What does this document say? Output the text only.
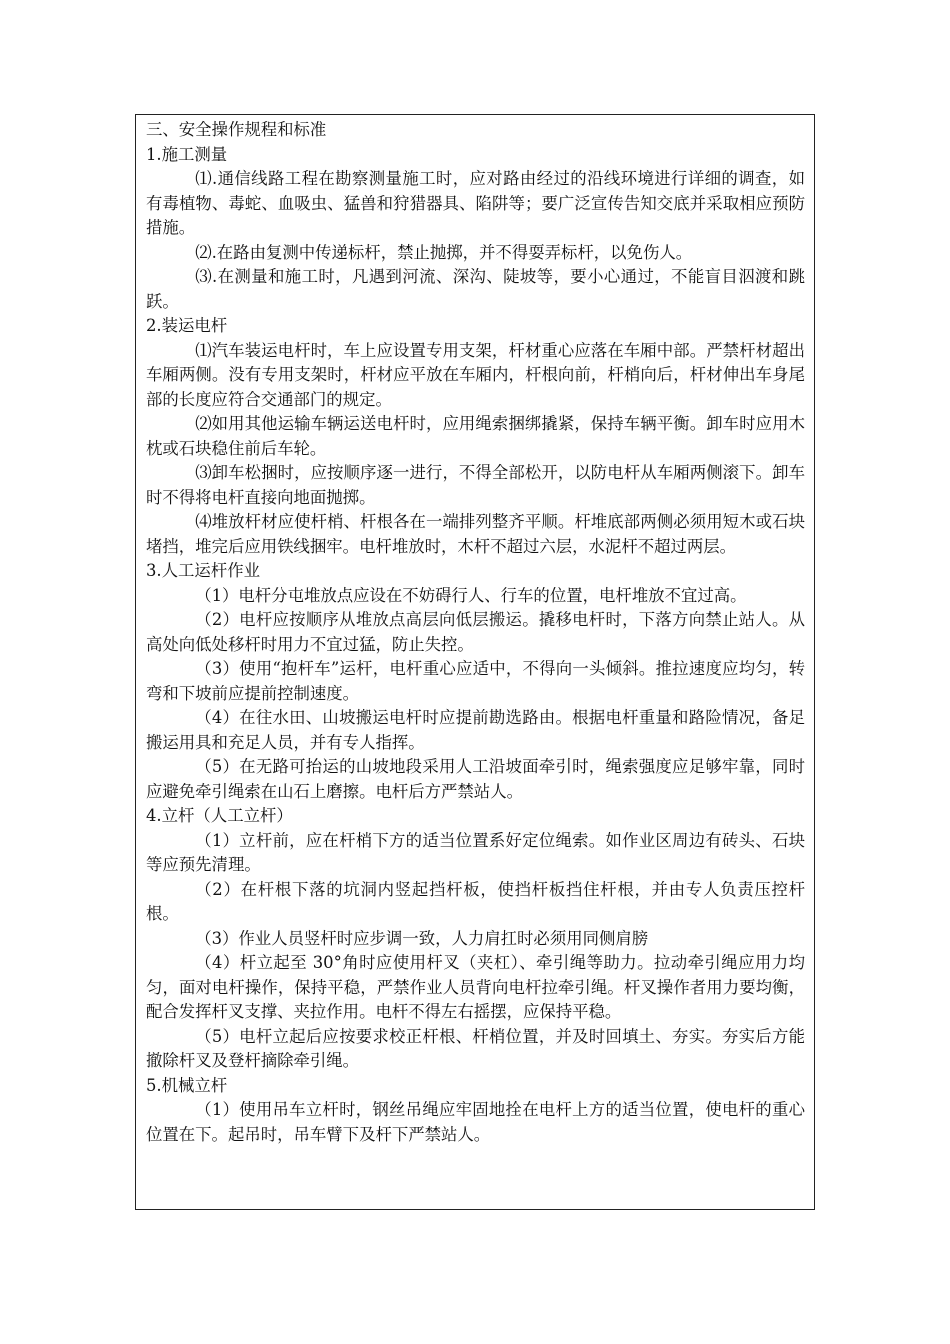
三、安全操作规程和标准

1.施工测量

⑴.通信线路工程在勘察测量施工时，应对路由经过的沿线环境进行详细的调查，如有毒植物、毒蛇、血吸虫、猛兽和狩猎器具、陷阱等；要广泛宣传告知交底并采取相应预防措施。

⑵.在路由复测中传递标杆，禁止抛掷，并不得耍弄标杆，以免伤人。

⑶.在测量和施工时，凡遇到河流、深沟、陡坡等，要小心通过，不能盲目泅渡和跳跃。

2.装运电杆

⑴汽车装运电杆时，车上应设置专用支架，杆材重心应落在车厢中部。严禁杆材超出车厢两侧。没有专用支架时，杆材应平放在车厢内，杆根向前，杆梢向后，杆材伸出车身尾部的长度应符合交通部门的规定。

⑵如用其他运输车辆运送电杆时，应用绳索捆绑撬紧，保持车辆平衡。卸车时应用木枕或石块稳住前后车轮。

⑶卸车松捆时，应按顺序逐一进行，不得全部松开，以防电杆从车厢两侧滚下。卸车时不得将电杆直接向地面抛掷。

⑷堆放杆材应使杆梢、杆根各在一端排列整齐平顺。杆堆底部两侧必须用短木或石块堵挡，堆完后应用铁线捆牢。电杆堆放时，木杆不超过六层，水泥杆不超过两层。

3.人工运杆作业

（1）电杆分屯堆放点应设在不妨碍行人、行车的位置，电杆堆放不宜过高。

（2）电杆应按顺序从堆放点高层向低层搬运。撬移电杆时，下落方向禁止站人。从高处向低处移杆时用力不宜过猛，防止失控。

（3）使用“抱杆车”运杆，电杆重心应适中，不得向一头倾斜。推拉速度应均匀，转弯和下坡前应提前控制速度。

（4）在往水田、山坡搬运电杆时应提前勘选路由。根据电杆重量和路险情况，备足搬运用具和充足人员，并有专人指挥。

（5）在无路可抬运的山坡地段采用人工沿坡面牵引时，绳索强度应足够牢靠，同时应避免牵引绳索在山石上磨擦。电杆后方严禁站人。

4.立杆（人工立杆）

（1）立杆前，应在杆梢下方的适当位置系好定位绳索。如作业区周边有砖头、石块等应预先清理。

（2）在杆根下落的坑洞内竖起挡杆板，使挡杆板挡住杆根，并由专人负责压控杆根。

（3）作业人员竖杆时应步调一致，人力肩扛时必须用同侧肩膀

（4）杆立起至 30°角时应使用杆叉（夹杠）、牵引绳等助力。拉动牵引绳应用力均匀，面对电杆操作，保持平稳，严禁作业人员背向电杆拉牵引绳。杆叉操作者用力要均衡，配合发挥杆叉支撑、夹拉作用。电杆不得左右摇摆，应保持平稳。

（5）电杆立起后应按要求校正杆根、杆梢位置，并及时回填土、夯实。夯实后方能撤除杆叉及登杆摘除牵引绳。

5.机械立杆

（1）使用吊车立杆时，钢丝吊绳应牢固地拴在电杆上方的适当位置，使电杆的重心位置在下。起吊时，吊车臂下及杆下严禁站人。
